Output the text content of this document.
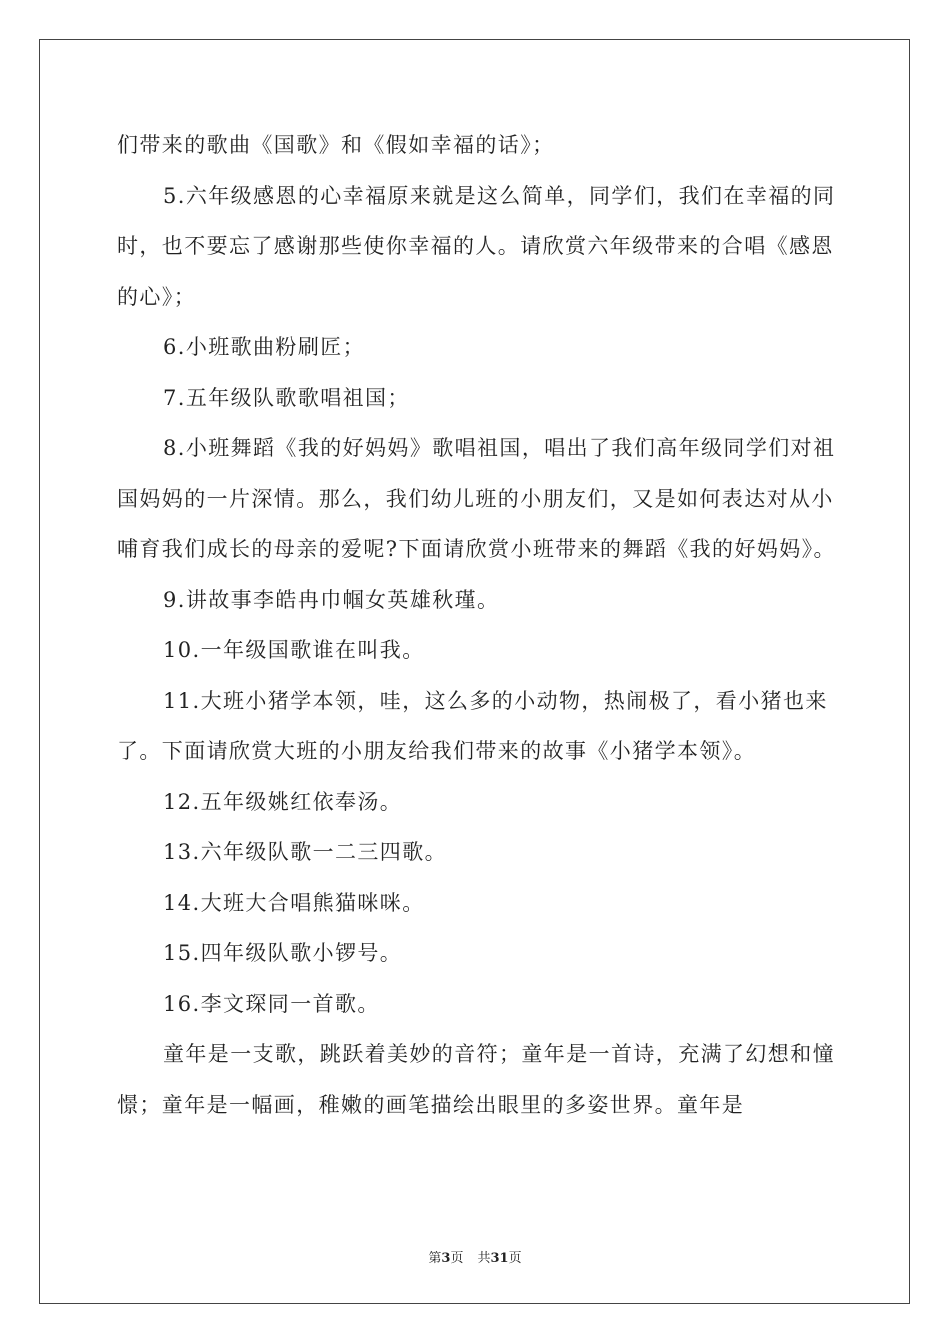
们带来的歌曲《国歌》和《假如幸福的话》；

5.六年级感恩的心幸福原来就是这么简单，同学们，我们在幸福的同时，也不要忘了感谢那些使你幸福的人。请欣赏六年级带来的合唱《感恩的心》；

6.小班歌曲粉刷匠；

7.五年级队歌歌唱祖国；

8.小班舞蹈《我的好妈妈》歌唱祖国，唱出了我们高年级同学们对祖国妈妈的一片深情。那么，我们幼儿班的小朋友们，又是如何表达对从小哺育我们成长的母亲的爱呢?下面请欣赏小班带来的舞蹈《我的好妈妈》。

9.讲故事李皓冉巾帼女英雄秋瑾。

10.一年级国歌谁在叫我。

11.大班小猪学本领，哇，这么多的小动物，热闹极了，看小猪也来了。下面请欣赏大班的小朋友给我们带来的故事《小猪学本领》。

12.五年级姚红依奉汤。

13.六年级队歌一二三四歌。

14.大班大合唱熊猫咪咪。

15.四年级队歌小锣号。

16.李文琛同一首歌。

童年是一支歌，跳跃着美妙的音符；童年是一首诗，充满了幻想和憧憬；童年是一幅画，稚嫩的画笔描绘出眼里的多姿世界。童年是

第3页 共31页
